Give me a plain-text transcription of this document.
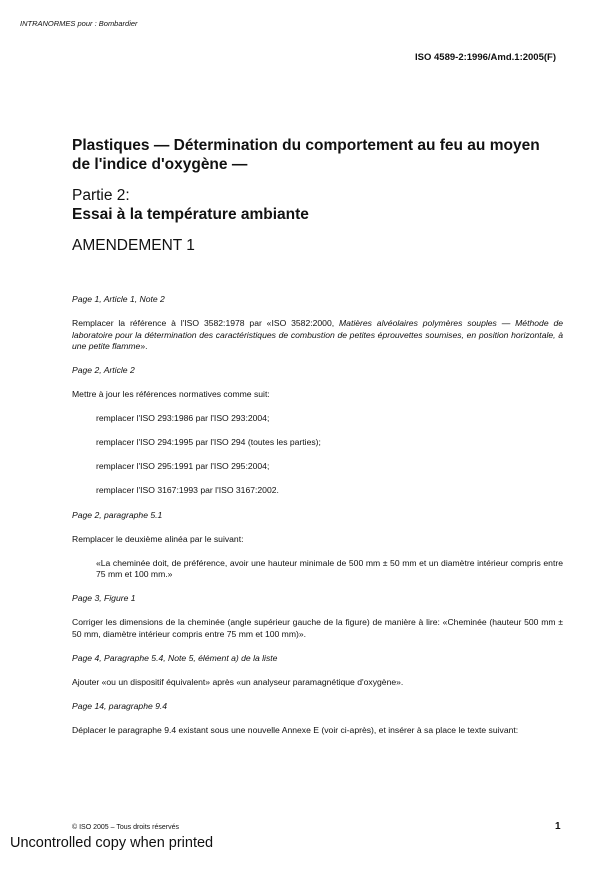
INTRANORMES pour : Bombardier
ISO 4589-2:1996/Amd.1:2005(F)
Plastiques — Détermination du comportement au feu au moyen
de l'indice d'oxygène —
Partie 2:
Essai à la température ambiante
AMENDEMENT 1

Page 1, Article 1, Note 2

Remplacer la référence à l'ISO 3582:1978 par «ISO 3582:2000, Matières alvéolaires polymères souples — Méthode de laboratoire pour la détermination des caractéristiques de combustion de petites éprouvettes soumises, en position horizontale, à une petite flamme».

Page 2, Article 2

Mettre à jour les références normatives comme suit:

remplacer l'ISO 293:1986 par l'ISO 293:2004;

remplacer l'ISO 294:1995 par l'ISO 294 (toutes les parties);

remplacer l'ISO 295:1991 par l'ISO 295:2004;

remplacer l'ISO 3167:1993 par l'ISO 3167:2002.

Page 2, paragraphe 5.1

Remplacer le deuxième alinéa par le suivant:

«La cheminée doit, de préférence, avoir une hauteur minimale de 500 mm ± 50 mm et un diamètre intérieur compris entre 75 mm et 100 mm.»

Page 3, Figure 1

Corriger les dimensions de la cheminée (angle supérieur gauche de la figure) de manière à lire: «Cheminée (hauteur 500 mm ± 50 mm, diamètre intérieur compris entre 75 mm et 100 mm)».

Page 4, Paragraphe 5.4, Note 5, élément a) de la liste

Ajouter «ou un dispositif équivalent» après «un analyseur paramagnétique d'oxygène».

Page 14, paragraphe 9.4

Déplacer le paragraphe 9.4 existant sous une nouvelle Annexe E (voir ci-après), et insérer à sa place le texte suivant:

© ISO 2005 – Tous droits réservés	1
Uncontrolled copy when printed
